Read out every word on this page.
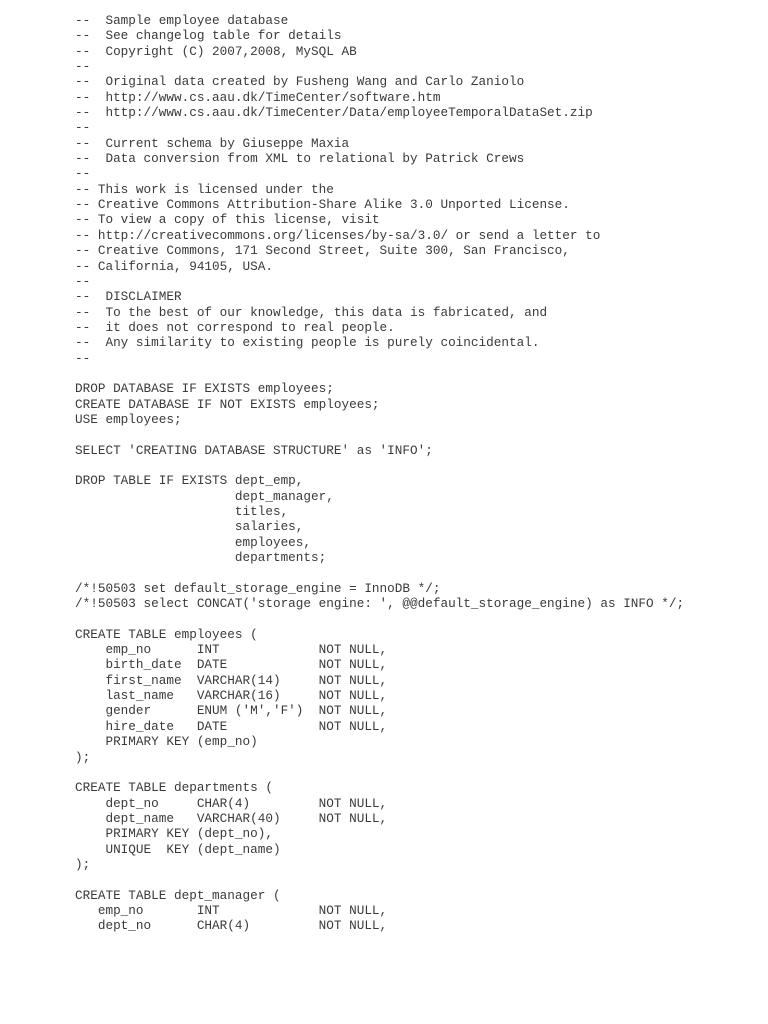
--  Sample employee database
--  See changelog table for details
--  Copyright (C) 2007,2008, MySQL AB
--
--  Original data created by Fusheng Wang and Carlo Zaniolo
--  http://www.cs.aau.dk/TimeCenter/software.htm
--  http://www.cs.aau.dk/TimeCenter/Data/employeeTemporalDataSet.zip
--
--  Current schema by Giuseppe Maxia
--  Data conversion from XML to relational by Patrick Crews
--
-- This work is licensed under the
-- Creative Commons Attribution-Share Alike 3.0 Unported License.
-- To view a copy of this license, visit
-- http://creativecommons.org/licenses/by-sa/3.0/ or send a letter to
-- Creative Commons, 171 Second Street, Suite 300, San Francisco,
-- California, 94105, USA.
--
--  DISCLAIMER
--  To the best of our knowledge, this data is fabricated, and
--  it does not correspond to real people.
--  Any similarity to existing people is purely coincidental.
--
DROP DATABASE IF EXISTS employees;
CREATE DATABASE IF NOT EXISTS employees;
USE employees;
SELECT 'CREATING DATABASE STRUCTURE' as 'INFO';
DROP TABLE IF EXISTS dept_emp,
dept_manager,
titles,
salaries,
employees,
departments;
/*!50503 set default_storage_engine = InnoDB */;
/*!50503 select CONCAT('storage engine: ', @@default_storage_engine) as INFO */;
CREATE TABLE employees (
emp_no      INT             NOT NULL,
birth_date  DATE            NOT NULL,
first_name  VARCHAR(14)     NOT NULL,
last_name   VARCHAR(16)     NOT NULL,
gender      ENUM ('M','F')  NOT NULL,
hire_date   DATE            NOT NULL,
PRIMARY KEY (emp_no)
);
CREATE TABLE departments (
dept_no     CHAR(4)         NOT NULL,
dept_name   VARCHAR(40)     NOT NULL,
PRIMARY KEY (dept_no),
UNIQUE  KEY (dept_name)
);
CREATE TABLE dept_manager (
emp_no       INT             NOT NULL,
dept_no      CHAR(4)         NOT NULL,
